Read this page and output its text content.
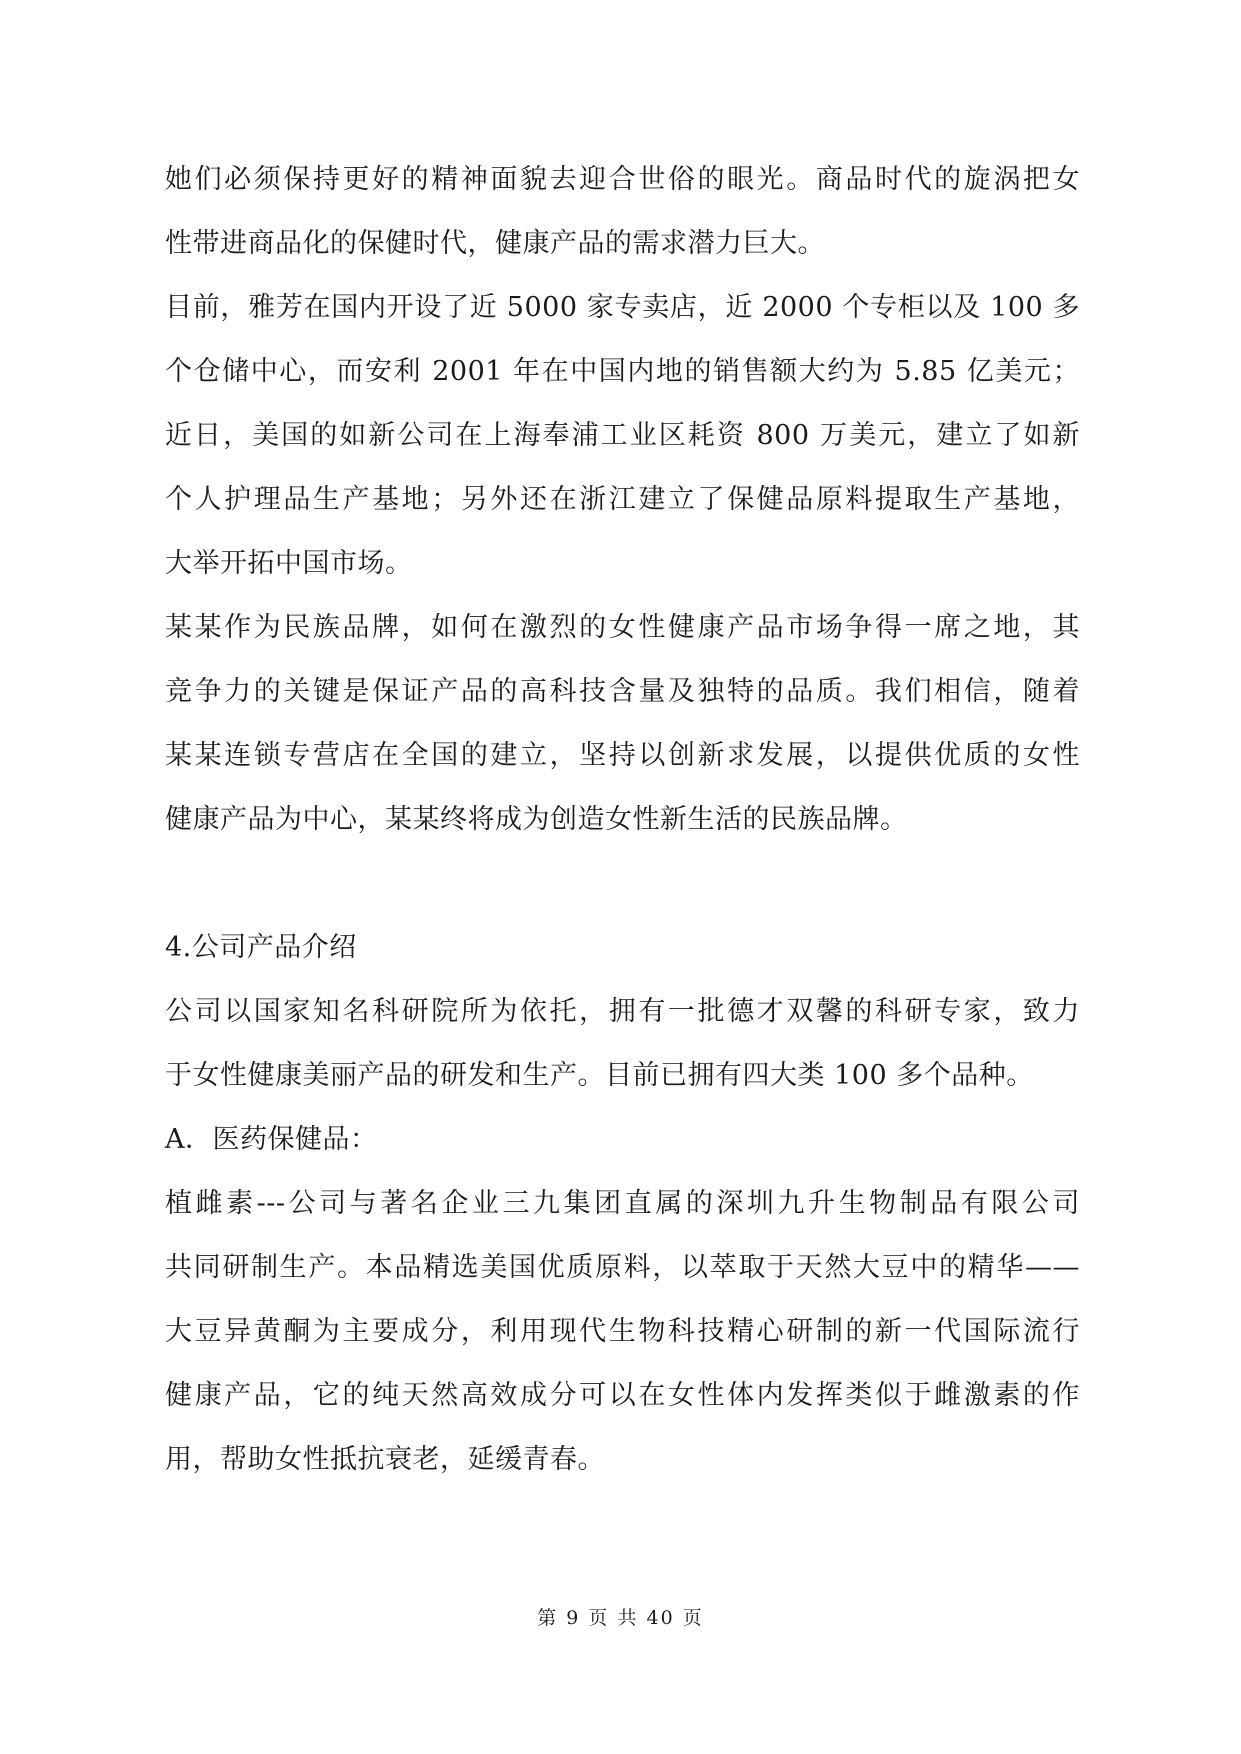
她们必须保持更好的精神面貌去迎合世俗的眼光。商品时代的旋涡把女
性带进商品化的保健时代，健康产品的需求潜力巨大。
目前，雅芳在国内开设了近 5000 家专卖店，近 2000 个专柜以及 100 多
个仓储中心，而安利 2001 年在中国内地的销售额大约为 5.85 亿美元；
近日，美国的如新公司在上海奉浦工业区耗资 800 万美元，建立了如新
个人护理品生产基地；另外还在浙江建立了保健品原料提取生产基地，
大举开拓中国市场。
某某作为民族品牌，如何在激烈的女性健康产品市场争得一席之地，其
竞争力的关键是保证产品的高科技含量及独特的品质。我们相信，随着
某某连锁专营店在全国的建立，坚持以创新求发展，以提供优质的女性
健康产品为中心，某某终将成为创造女性新生活的民族品牌。
4.公司产品介绍
公司以国家知名科研院所为依托，拥有一批德才双馨的科研专家，致力
于女性健康美丽产品的研发和生产。目前已拥有四大类 100 多个品种。
A．医药保健品：
植雌素---公司与著名企业三九集团直属的深圳九升生物制品有限公司
共同研制生产。本品精选美国优质原料，以萃取于天然大豆中的精华——
大豆异黄酮为主要成分，利用现代生物科技精心研制的新一代国际流行
健康产品，它的纯天然高效成分可以在女性体内发挥类似于雌激素的作
用，帮助女性抵抗衰老，延缓青春。
第 9 页 共 40 页
